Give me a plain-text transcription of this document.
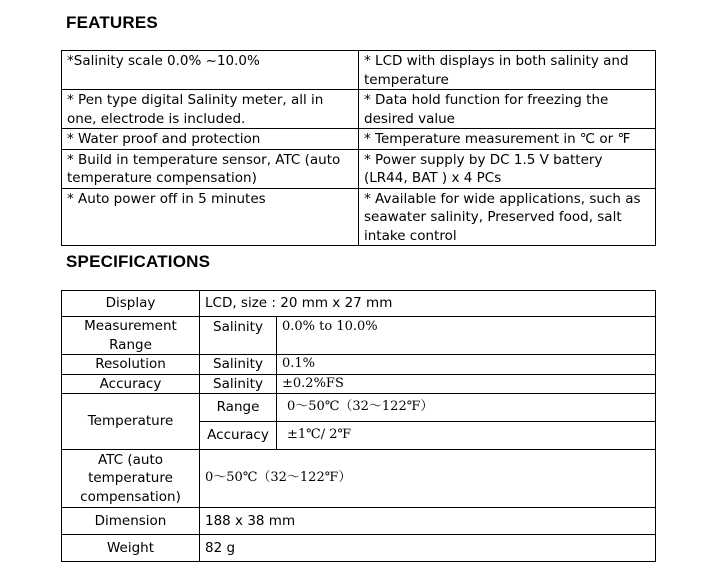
FEATURES
*Salinity scale 0.0% ~10.0%	* LCD with displays in both salinity and temperature
* Pen type digital Salinity meter, all in one, electrode is included.	* Data hold function for freezing the desired value
* Water proof and protection	* Temperature measurement in ℃ or ℉
* Build in temperature sensor, ATC (auto temperature compensation)	* Power supply by DC 1.5 V battery (LR44, BAT ) x 4 PCs
* Auto power off in 5 minutes	* Available for wide applications, such as seawater salinity, Preserved food, salt intake control
SPECIFICATIONS
Display	LCD, size : 20 mm x 27 mm	
Measurement Range	Salinity	0.0% to 10.0%
Resolution	Salinity	0.1%
Accuracy	Salinity	±0.2%FS
Temperature	Range	0～50℃（32～122℉）
	Accuracy	±1℃/ 2℉
ATC (auto temperature compensation)	0～50℃（32～122℉）	
Dimension	188 x 38 mm	
Weight	82 g	
